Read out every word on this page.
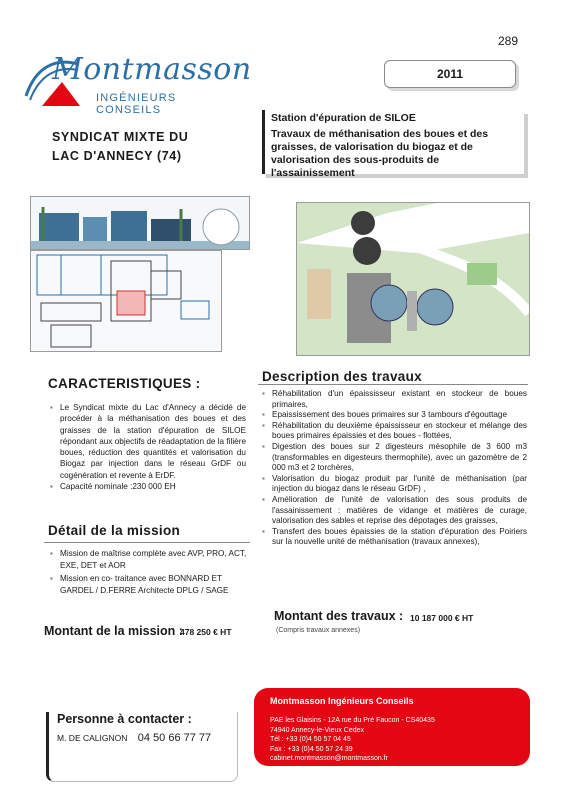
289
Montmasson
INGÉNIEURS CONSEILS
2011
SYNDICAT MIXTE DU
LAC D'ANNECY (74)
Station d'épuration de SILOE
Travaux de méthanisation des boues et des graisses, de valorisation du biogaz et de valorisation des sous-produits de l'assainissement
CARACTERISTIQUES :
▪ Le Syndicat mixte du Lac d'Annecy a décidé de procéder à la méthanisation des boues et des graisses de la station d'épuration de SILOE répondant aux objectifs de réadaptation de la filière boues, réduction des quantités et valorisation du Biogaz par injection dans le réseau GrDF ou cogénération et revente à ErDF.
▪ Capacité nominale :230 000 EH
Détail de la mission
▪ Mission de maîtrise complète avec AVP, PRO, ACT, EXE, DET et AOR
▪ Mission en co- traitance avec BONNARD ET GARDEL / D.FERRE Architecte DPLG / SAGE
Description des travaux
▪ Réhabilitation d'un épaississeur existant en stockeur de boues primaires,
▪ Epaississement des boues primaires sur 3 tambours d'égouttage
▪ Réhabilitation du deuxième épaississeur en stockeur et mélange des boues primaires épaissies et des boues - flottées,
▪ Digestion des boues sur 2 digesteurs mésophile de 3 600 m3 (transformables en digesteurs thermophile), avec un gazomètre de 2 000 m3 et 2 torchères,
▪ Valorisation du biogaz produit par l'unité de méthanisation (par injection du biogaz dans le réseau GrDF) ,
▪ Amélioration de l'unité de valorisation des sous produits de l'assainissement : matières de vidange et matières de curage, valorisation des sables et reprise des dépotages des graisses,
▪ Transfert des boues épaissies de la station d'épuration des Poiriers sur la nouvelle unité de méthanisation (travaux annexes),
Montant des travaux : 10 187 000 € HT
(Compris travaux annexes)
Montant de la mission :
478 250 € HT
Montmasson Ingénieurs Conseils
PAE les Glaisins - 12A rue du Pré Faucon - CS40435
74940 Annecy-le-Vieux Cedex
Tél : +33 (0)4 50 57 04 45
Fax : +33 (0)4 50 57 24 39
cabinet.montmasson@montmasson.fr
Personne à contacter :
M. DE CALIGNON 04 50 66 77 77
